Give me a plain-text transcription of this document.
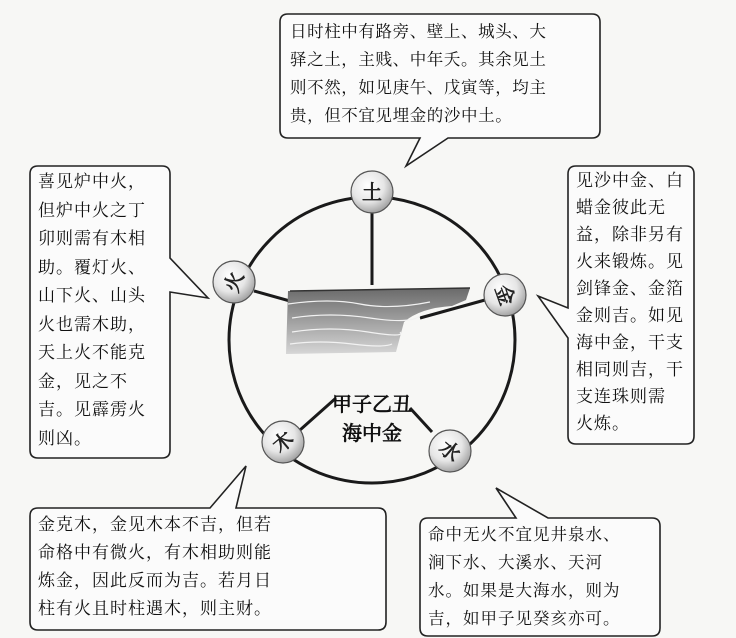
甲子乙丑
海中金
土
火	金
木	水
日时柱中有路旁、壁上、城头、大
驿之土，主贱、中年夭。其余见土
则不然，如见庚午、戊寅等，均主
贵，但不宜见埋金的沙中土。
喜见炉中火，
但炉中火之丁
卯则需有木相
助。覆灯火、
山下火、山头
火也需木助，
天上火不能克
金，见之不
吉。见霹雳火
则凶。
见沙中金、白
蜡金彼此无
益，除非另有
火来锻炼。见
剑锋金、金箔
金则吉。如见
海中金，干支
相同则吉，干
支连珠则需
火炼。
金克木，金见木本不吉，但若
命格中有微火，有木相助则能
炼金，因此反而为吉。若月日
柱有火且时柱遇木，则主财。
命中无火不宜见井泉水、
涧下水、大溪水、天河
水。如果是大海水，则为
吉，如甲子见癸亥亦可。
